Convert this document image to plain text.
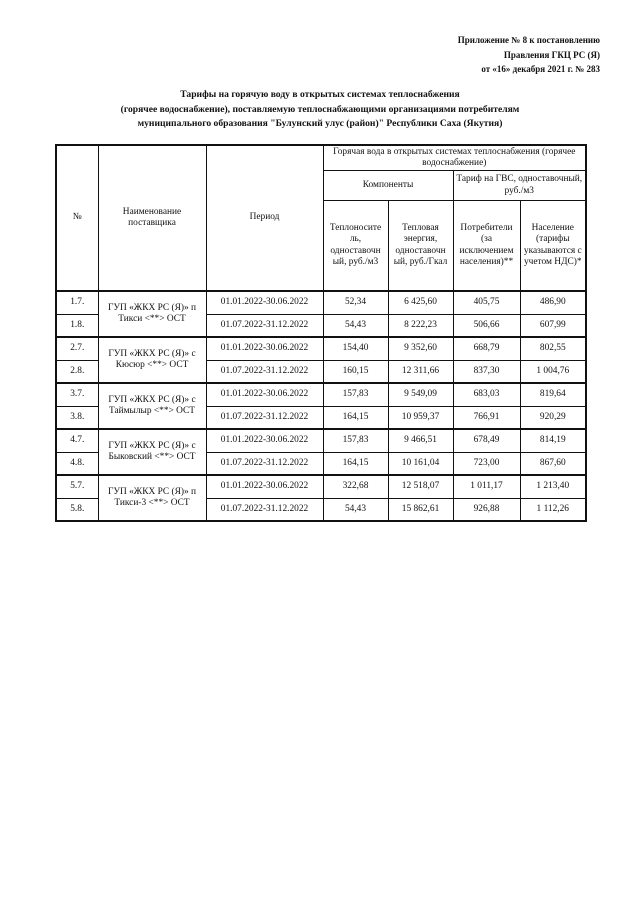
Приложение № 8 к постановлению
Правления ГКЦ РС (Я)
от «16» декабря 2021 г. № 283
Тарифы на горячую воду в открытых системах теплоснабжения
(горячее водоснабжение), поставляемую теплоснабжающими организациями потребителям
муниципального образования "Булунский улус (район)" Республики Саха (Якутия)
№	Наименование поставщика	Период	Горячая вода в открытых системах теплоснабжения (горячее водоснабжение)			
			Компоненты		Тариф на ГВС, одноставочный, руб./м3	
			Теплоносите ль, одноставочн ый, руб./м3	Тепловая энергия, одноставочн ый, руб./Гкал	Потребители (за исключением населения)**	Население (тарифы указываются с учетом НДС)*
1.7.	ГУП «ЖКХ РС (Я)» п Тикси <**> ОСТ	01.01.2022-30.06.2022	52,34	6 425,60	405,75	486,90
1.8.		01.07.2022-31.12.2022	54,43	8 222,23	506,66	607,99
2.7.	ГУП «ЖКХ РС (Я)» с Кюсюр <**> ОСТ	01.01.2022-30.06.2022	154,40	9 352,60	668,79	802,55
2.8.		01.07.2022-31.12.2022	160,15	12 311,66	837,30	1 004,76
3.7.	ГУП «ЖКХ РС (Я)» с Таймылыр <**> ОСТ	01.01.2022-30.06.2022	157,83	9 549,09	683,03	819,64
3.8.		01.07.2022-31.12.2022	164,15	10 959,37	766,91	920,29
4.7.	ГУП «ЖКХ РС (Я)» с Быковский <**> ОСТ	01.01.2022-30.06.2022	157,83	9 466,51	678,49	814,19
4.8.		01.07.2022-31.12.2022	164,15	10 161,04	723,00	867,60
5.7.	ГУП «ЖКХ РС (Я)» п Тикси-3 <**> ОСТ	01.01.2022-30.06.2022	322,68	12 518,07	1 011,17	1 213,40
5.8.		01.07.2022-31.12.2022	54,43	15 862,61	926,88	1 112,26
